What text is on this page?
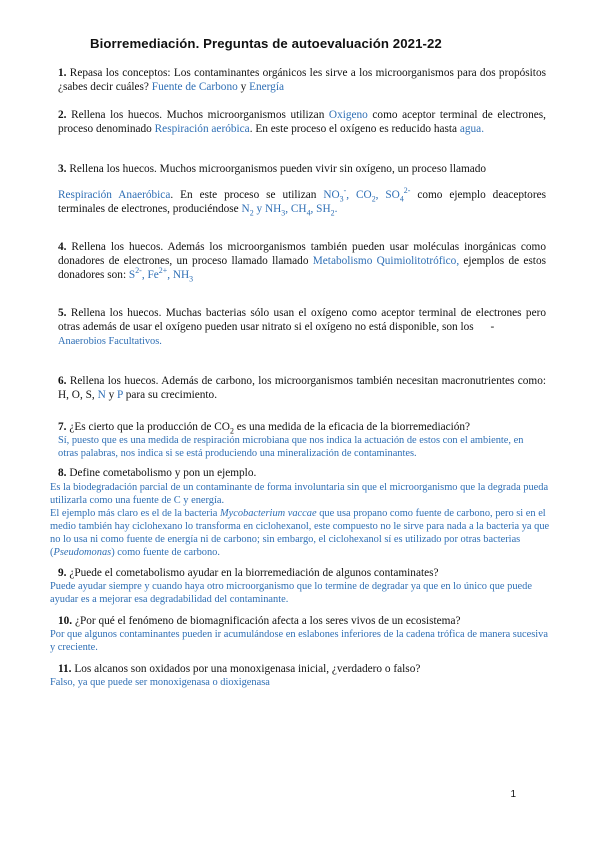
Biorremediación. Preguntas de autoevaluación 2021-22
1. Repasa los conceptos: Los contaminantes orgánicos les sirve a los microorganismos para dos propósitos ¿sabes decir cuáles? Fuente de Carbono y Energía
2. Rellena los huecos. Muchos microorganismos utilizan Oxigeno como aceptor terminal de electrones, proceso denominado Respiración aeróbica. En este proceso el oxígeno es reducido hasta agua.
3. Rellena los huecos. Muchos microorganismos pueden vivir sin oxígeno, un proceso llamado
Respiración Anaeróbica. En este proceso se utilizan $NO_3^-$, $CO_2$, $SO_4^{2-}$ como ejemplo deaceptores terminales de electrones, produciéndose $N_2$ y $NH_3$, $CH_4$, $SH_2$.
4. Rellena los huecos. Además los microorganismos también pueden usar moléculas inorgánicas como donadores de electrones, un proceso llamado llamado Metabolismo Quimiolitotrófico, ejemplos de estos donadores son: $S^{2-}$, $Fe^{2+}$, $NH_3$
5. Rellena los huecos. Muchas bacterias sólo usan el oxígeno como aceptor terminal de electrones pero otras además de usar el oxígeno pueden usar nitrato si el oxígeno no está disponible, son los -
Anaerobios Facultativos.
6. Rellena los huecos. Además de carbono, los microorganismos también necesitan macronutrientes como: H, O, S, N y P para su crecimiento.
7. ¿Es cierto que la producción de $CO_2$ es una medida de la eficacia de la biorremediación?
Sí, puesto que es una medida de respiración microbiana que nos indica la actuación de estos con el ambiente, en otras palabras, nos indica si se está produciendo una mineralización de contaminantes.
8. Define cometabolismo y pon un ejemplo.
Es la biodegradación parcial de un contaminante de forma involuntaria sin que el microorganismo que la degrada pueda utilizarla como una fuente de C y energía.
El ejemplo más claro es el de la bacteria Mycobacterium vaccae que usa propano como fuente de carbono, pero si en el medio también hay ciclohexano lo transforma en ciclohexanol, este compuesto no le sirve para nada a la bacteria ya que no lo usa ni como fuente de energía ni de carbono; sin embargo, el ciclohexanol sí es utilizado por otras bacterias (Pseudomonas) como fuente de carbono.
9. ¿Puede el cometabolismo ayudar en la biorremediación de algunos contaminates?
Puede ayudar siempre y cuando haya otro microorganismo que lo termine de degradar ya que en lo único que puede ayudar es a mejorar esa degradabilidad del contaminante.
10. ¿Por qué el fenómeno de biomagnificación afecta a los seres vivos de un ecosistema?
Por que algunos contaminantes pueden ir acumulándose en eslabones inferiores de la cadena trófica de manera sucesiva y creciente.
11. Los alcanos son oxidados por una monoxigenasa inicial, ¿verdadero o falso?
Falso, ya que puede ser monoxigenasa o dioxigenasa
1
